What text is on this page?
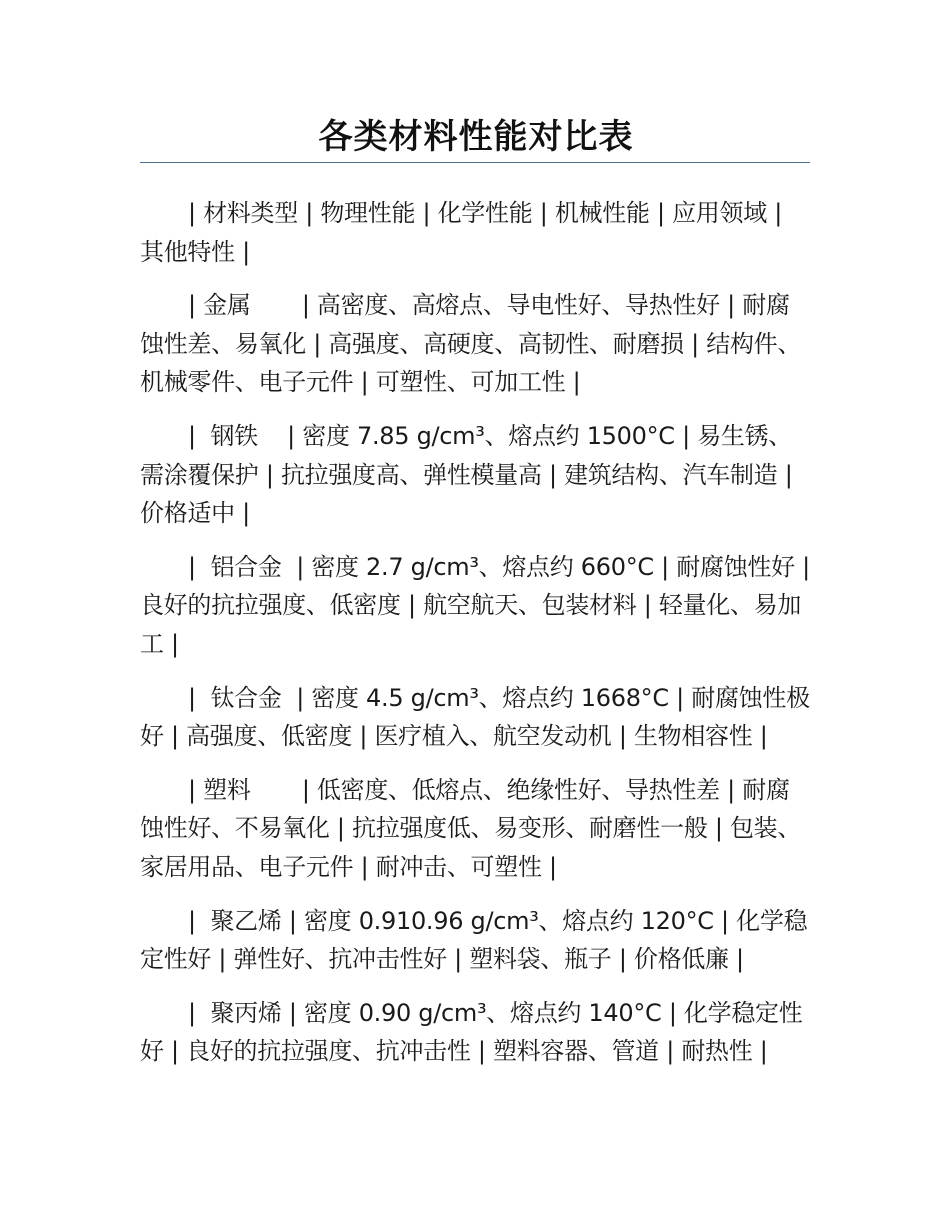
各类材料性能对比表

| 材料类型 | 物理性能 | 化学性能 | 机械性能 | 应用领域 | 其他特性 |

| 金属       | 高密度、高熔点、导电性好、导热性好 | 耐腐蚀性差、易氧化 | 高强度、高硬度、高韧性、耐磨损 | 结构件、机械零件、电子元件 | 可塑性、可加工性 |

|  钢铁    | 密度 7.85 g/cm³、熔点约 1500°C | 易生锈、需涂覆保护 | 抗拉强度高、弹性模量高 | 建筑结构、汽车制造 | 价格适中 |

|  铝合金  | 密度 2.7 g/cm³、熔点约 660°C | 耐腐蚀性好 | 良好的抗拉强度、低密度 | 航空航天、包装材料 | 轻量化、易加工 |

|  钛合金  | 密度 4.5 g/cm³、熔点约 1668°C | 耐腐蚀性极好 | 高强度、低密度 | 医疗植入、航空发动机 | 生物相容性 |

| 塑料       | 低密度、低熔点、绝缘性好、导热性差 | 耐腐蚀性好、不易氧化 | 抗拉强度低、易变形、耐磨性一般 | 包装、家居用品、电子元件 | 耐冲击、可塑性 |

|  聚乙烯 | 密度 0.910.96 g/cm³、熔点约 120°C | 化学稳定性好 | 弹性好、抗冲击性好 | 塑料袋、瓶子 | 价格低廉 |

|  聚丙烯 | 密度 0.90 g/cm³、熔点约 140°C | 化学稳定性好 | 良好的抗拉强度、抗冲击性 | 塑料容器、管道 | 耐热性 |
